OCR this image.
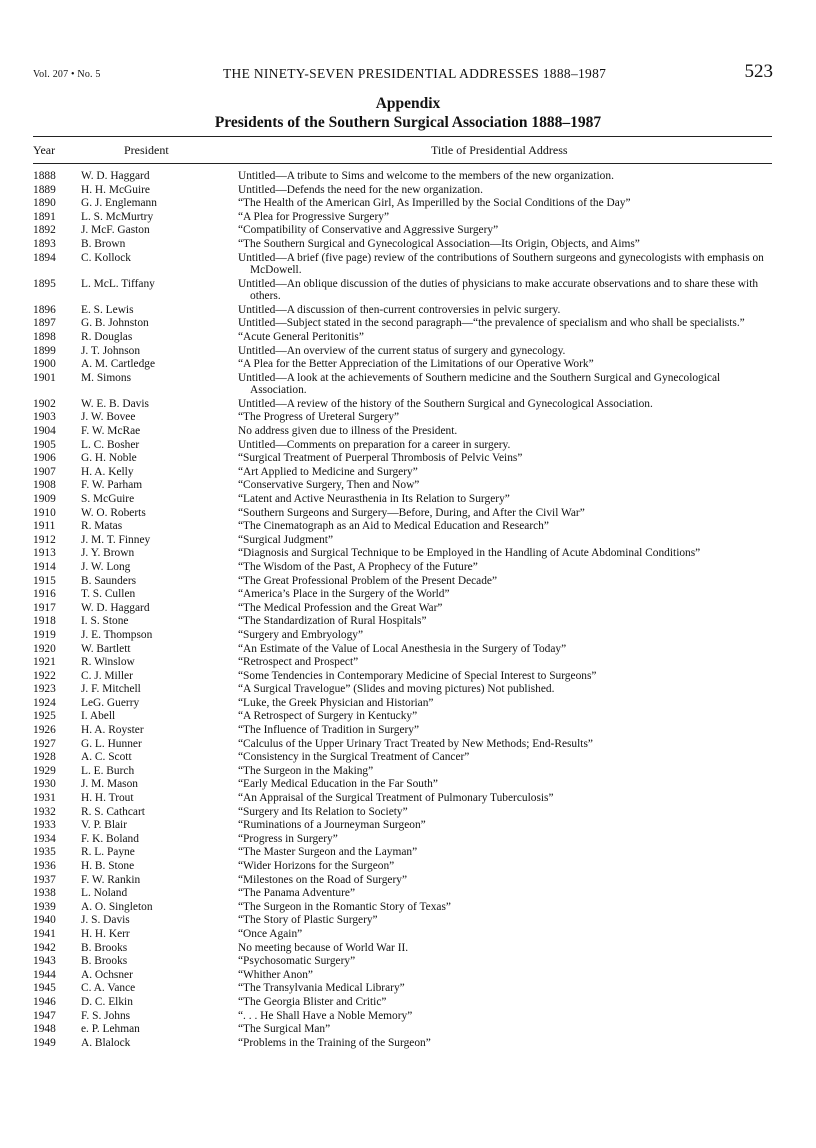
Vol. 207 • No. 5	THE NINETY-SEVEN PRESIDENTIAL ADDRESSES 1888–1987	523
Appendix
Presidents of the Southern Surgical Association 1888–1987
Year	President	Title of Presidential Address
1888	W. D. Haggard	Untitled—A tribute to Sims and welcome to the members of the new organization.
1889	H. H. McGuire	Untitled—Defends the need for the new organization.
1890	G. J. Englemann	“The Health of the American Girl, As Imperilled by the Social Conditions of the Day”
1891	L. S. McMurtry	“A Plea for Progressive Surgery”
1892	J. McF. Gaston	“Compatibility of Conservative and Aggressive Surgery”
1893	B. Brown	“The Southern Surgical and Gynecological Association—Its Origin, Objects, and Aims”
1894	C. Kollock	Untitled—A brief (five page) review of the contributions of Southern surgeons and gynecologists with emphasis on McDowell.
1895	L. McL. Tiffany	Untitled—An oblique discussion of the duties of physicians to make accurate observations and to share these with others.
1896	E. S. Lewis	Untitled—A discussion of then-current controversies in pelvic surgery.
1897	G. B. Johnston	Untitled—Subject stated in the second paragraph—“the prevalence of specialism and who shall be specialists.”
1898	R. Douglas	“Acute General Peritonitis”
1899	J. T. Johnson	Untitled—An overview of the current status of surgery and gynecology.
1900	A. M. Cartledge	“A Plea for the Better Appreciation of the Limitations of our Operative Work”
1901	M. Simons	Untitled—A look at the achievements of Southern medicine and the Southern Surgical and Gynecological Association.
1902	W. E. B. Davis	Untitled—A review of the history of the Southern Surgical and Gynecological Association.
1903	J. W. Bovee	“The Progress of Ureteral Surgery”
1904	F. W. McRae	No address given due to illness of the President.
1905	L. C. Bosher	Untitled—Comments on preparation for a career in surgery.
1906	G. H. Noble	“Surgical Treatment of Puerperal Thrombosis of Pelvic Veins”
1907	H. A. Kelly	“Art Applied to Medicine and Surgery”
1908	F. W. Parham	“Conservative Surgery, Then and Now”
1909	S. McGuire	“Latent and Active Neurasthenia in Its Relation to Surgery”
1910	W. O. Roberts	“Southern Surgeons and Surgery—Before, During, and After the Civil War”
1911	R. Matas	“The Cinematograph as an Aid to Medical Education and Research”
1912	J. M. T. Finney	“Surgical Judgment”
1913	J. Y. Brown	“Diagnosis and Surgical Technique to be Employed in the Handling of Acute Abdominal Conditions”
1914	J. W. Long	“The Wisdom of the Past, A Prophecy of the Future”
1915	B. Saunders	“The Great Professional Problem of the Present Decade”
1916	T. S. Cullen	“America’s Place in the Surgery of the World”
1917	W. D. Haggard	“The Medical Profession and the Great War”
1918	I. S. Stone	“The Standardization of Rural Hospitals”
1919	J. E. Thompson	“Surgery and Embryology”
1920	W. Bartlett	“An Estimate of the Value of Local Anesthesia in the Surgery of Today”
1921	R. Winslow	“Retrospect and Prospect”
1922	C. J. Miller	“Some Tendencies in Contemporary Medicine of Special Interest to Surgeons”
1923	J. F. Mitchell	“A Surgical Travelogue” (Slides and moving pictures) Not published.
1924	LeG. Guerry	“Luke, the Greek Physician and Historian”
1925	I. Abell	“A Retrospect of Surgery in Kentucky”
1926	H. A. Royster	“The Influence of Tradition in Surgery”
1927	G. L. Hunner	“Calculus of the Upper Urinary Tract Treated by New Methods; End-Results”
1928	A. C. Scott	“Consistency in the Surgical Treatment of Cancer”
1929	L. E. Burch	“The Surgeon in the Making”
1930	J. M. Mason	“Early Medical Education in the Far South”
1931	H. H. Trout	“An Appraisal of the Surgical Treatment of Pulmonary Tuberculosis”
1932	R. S. Cathcart	“Surgery and Its Relation to Society”
1933	V. P. Blair	“Ruminations of a Journeyman Surgeon”
1934	F. K. Boland	“Progress in Surgery”
1935	R. L. Payne	“The Master Surgeon and the Layman”
1936	H. B. Stone	“Wider Horizons for the Surgeon”
1937	F. W. Rankin	“Milestones on the Road of Surgery”
1938	L. Noland	“The Panama Adventure”
1939	A. O. Singleton	“The Surgeon in the Romantic Story of Texas”
1940	J. S. Davis	“The Story of Plastic Surgery”
1941	H. H. Kerr	“Once Again”
1942	B. Brooks	No meeting because of World War II.
1943	B. Brooks	“Psychosomatic Surgery”
1944	A. Ochsner	“Whither Anon”
1945	C. A. Vance	“The Transylvania Medical Library”
1946	D. C. Elkin	“The Georgia Blister and Critic”
1947	F. S. Johns	“. . . He Shall Have a Noble Memory”
1948	e. P. Lehman	“The Surgical Man”
1949	A. Blalock	“Problems in the Training of the Surgeon”
